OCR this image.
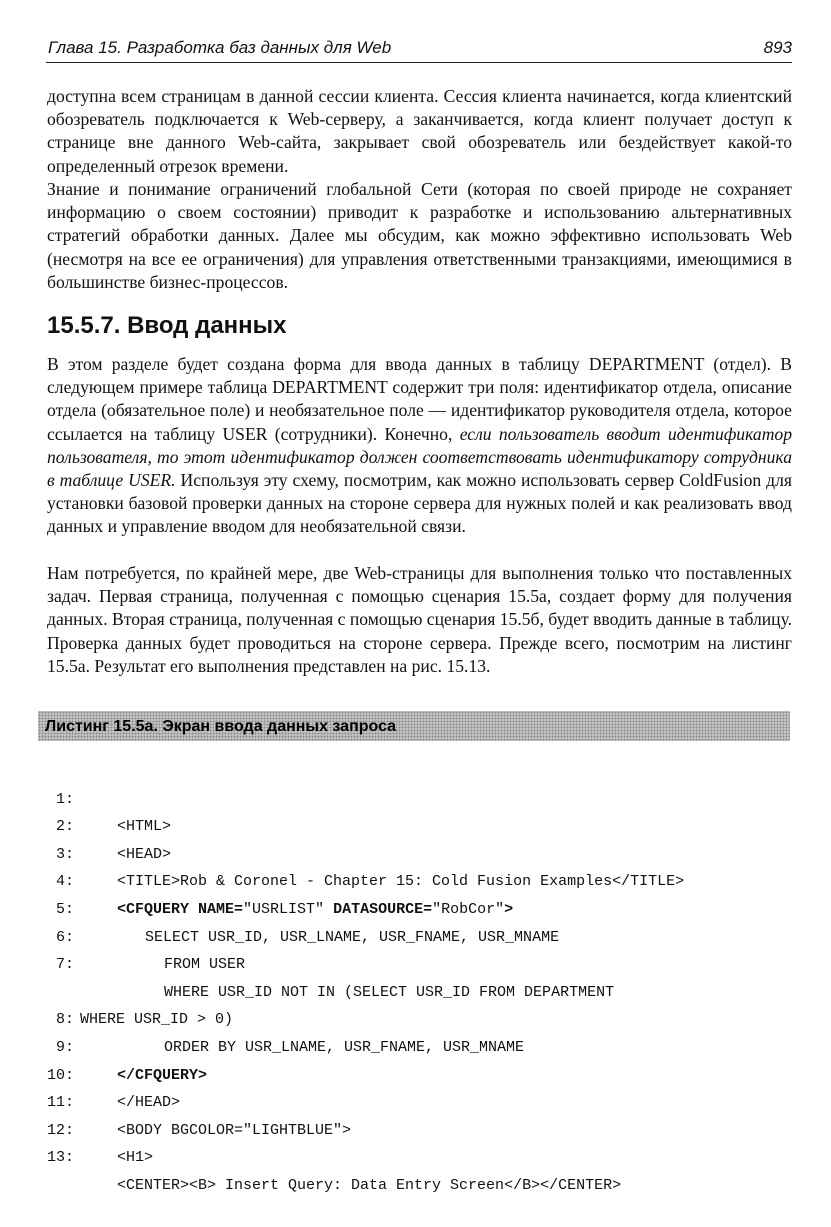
Глава 15. Разработка баз данных для Web	893

доступна всем страницам в данной сессии клиента. Сессия клиента начинается, когда клиентский обозреватель подключается к Web-серверу, а заканчивается, когда клиент получает доступ к странице вне данного Web-сайта, закрывает свой обозреватель или бездействует какой-то определенный отрезок времени.

Знание и понимание ограничений глобальной Сети (которая по своей природе не сохраняет информацию о своем состоянии) приводит к разработке и использованию альтернативных стратегий обработки данных. Далее мы обсудим, как можно эффективно использовать Web (несмотря на все ее ограничения) для управления ответственными транзакциями, имеющимися в большинстве бизнес-процессов.

15.5.7. Ввод данных

В этом разделе будет создана форма для ввода данных в таблицу DEPARTMENT (отдел). В следующем примере таблица DEPARTMENT содержит три поля: идентификатор отдела, описание отдела (обязательное поле) и необязательное поле — идентификатор руководителя отдела, которое ссылается на таблицу USER (сотрудники). Конечно, если пользователь вводит идентификатор пользователя, то этот идентификатор должен соответствовать идентификатору сотрудника в таблице USER. Используя эту схему, посмотрим, как можно использовать сервер ColdFusion для установки базовой проверки данных на стороне сервера для нужных полей и как реализовать ввод данных и управление вводом для необязательной связи.

Нам потребуется, по крайней мере, две Web-страницы для выполнения только что поставленных задач. Первая страница, полученная с помощью сценария 15.5а, создает форму для получения данных. Вторая страница, полученная с помощью сценария 15.5б, будет вводить данные в таблицу. Проверка данных будет проводиться на стороне сервера. Прежде всего, посмотрим на листинг 15.5а. Результат его выполнения представлен на рис. 15.13.

Листинг 15.5а. Экран ввода данных запроса

1:

<HTML>

2:

<HEAD>

3:

<TITLE>Rob & Coronel - Chapter 15: Cold Fusion Examples</TITLE>

4:

<CFQUERY NAME="USRLIST" DATASOURCE="RobCor">

5:

SELECT USR_ID, USR_LNAME, USR_FNAME, USR_MNAME

6:

FROM USER

7:

WHERE USR_ID NOT IN (SELECT USR_ID FROM DEPARTMENT

WHERE USR_ID > 0)

8:

ORDER BY USR_LNAME, USR_FNAME, USR_MNAME

9:

</CFQUERY>

10:

</HEAD>

11:

<BODY BGCOLOR="LIGHTBLUE">

12:

<H1>

13:

<CENTER><B> Insert Query: Data Entry Screen</B></CENTER>
